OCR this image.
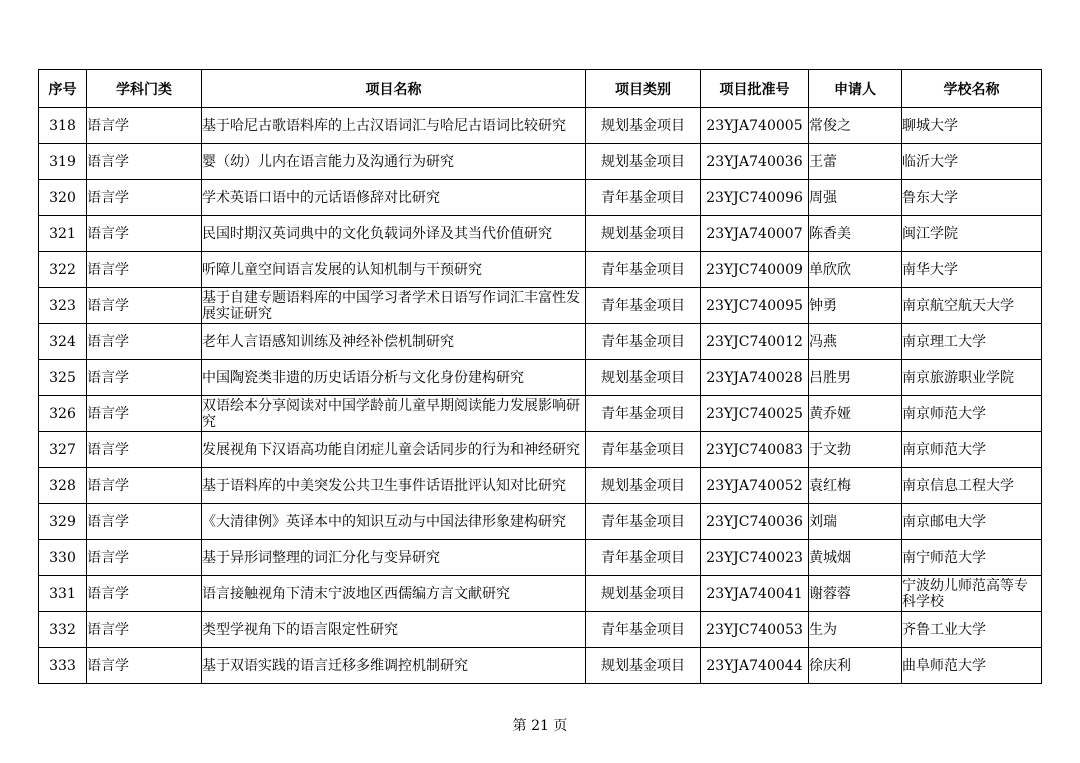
序号	学科门类	项目名称	项目类别	项目批准号	申请人	学校名称
318	语言学	基于哈尼古歌语料库的上古汉语词汇与哈尼古语词比较研究	规划基金项目	23YJA740005	常俊之	聊城大学
319	语言学	婴（幼）儿内在语言能力及沟通行为研究	规划基金项目	23YJA740036	王蕾	临沂大学
320	语言学	学术英语口语中的元话语修辞对比研究	青年基金项目	23YJC740096	周强	鲁东大学
321	语言学	民国时期汉英词典中的文化负载词外译及其当代价值研究	规划基金项目	23YJA740007	陈香美	闽江学院
322	语言学	听障儿童空间语言发展的认知机制与干预研究	青年基金项目	23YJC740009	单欣欣	南华大学
323	语言学	基于自建专题语料库的中国学习者学术日语写作词汇丰富性发展实证研究	青年基金项目	23YJC740095	钟勇	南京航空航天大学
324	语言学	老年人言语感知训练及神经补偿机制研究	青年基金项目	23YJC740012	冯燕	南京理工大学
325	语言学	中国陶瓷类非遗的历史话语分析与文化身份建构研究	规划基金项目	23YJA740028	吕胜男	南京旅游职业学院
326	语言学	双语绘本分享阅读对中国学龄前儿童早期阅读能力发展影响研究	青年基金项目	23YJC740025	黄乔娅	南京师范大学
327	语言学	发展视角下汉语高功能自闭症儿童会话同步的行为和神经研究	青年基金项目	23YJC740083	于文勃	南京师范大学
328	语言学	基于语料库的中美突发公共卫生事件话语批评认知对比研究	规划基金项目	23YJA740052	袁红梅	南京信息工程大学
329	语言学	《大清律例》英译本中的知识互动与中国法律形象建构研究	青年基金项目	23YJC740036	刘瑞	南京邮电大学
330	语言学	基于异形词整理的词汇分化与变异研究	青年基金项目	23YJC740023	黄城烟	南宁师范大学
331	语言学	语言接触视角下清末宁波地区西儒编方言文献研究	规划基金项目	23YJA740041	谢蓉蓉	宁波幼儿师范高等专科学校
332	语言学	类型学视角下的语言限定性研究	青年基金项目	23YJC740053	生为	齐鲁工业大学
333	语言学	基于双语实践的语言迁移多维调控机制研究	规划基金项目	23YJA740044	徐庆利	曲阜师范大学
第 21 页
